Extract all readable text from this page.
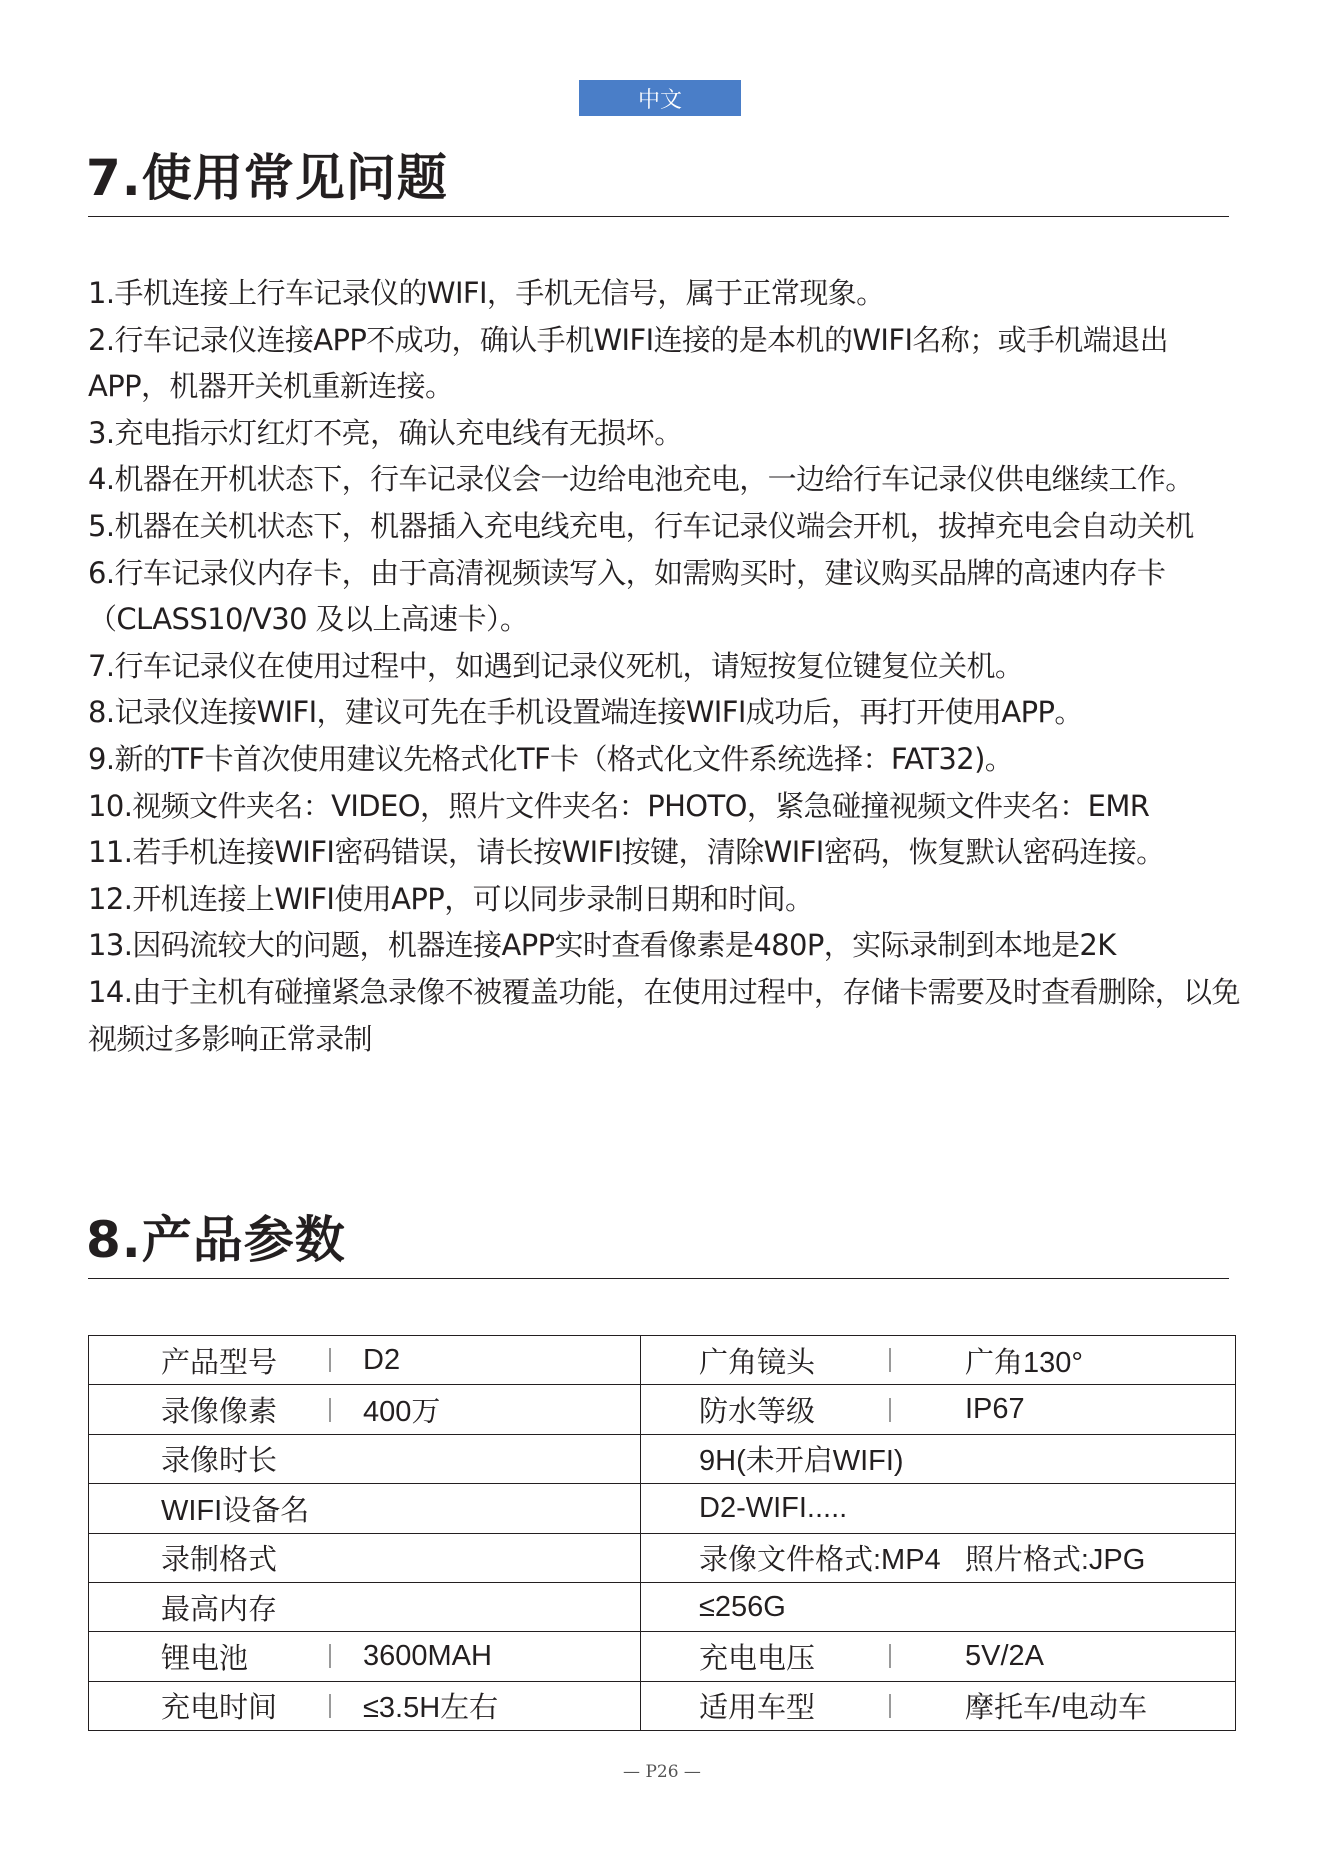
中文
7.使用常见问题
1.手机连接上行车记录仪的WIFI，手机无信号，属于正常现象。
2.行车记录仪连接APP不成功，确认手机WIFI连接的是本机的WIFI名称；或手机端退出APP，机器开关机重新连接。
3.充电指示灯红灯不亮，确认充电线有无损坏。
4.机器在开机状态下，行车记录仪会一边给电池充电，一边给行车记录仪供电继续工作。
5.机器在关机状态下，机器插入充电线充电，行车记录仪端会开机，拔掉充电会自动关机
6.行车记录仪内存卡，由于高清视频读写入，如需购买时，建议购买品牌的高速内存卡（CLASS10/V30 及以上高速卡）。
7.行车记录仪在使用过程中，如遇到记录仪死机，请短按复位键复位关机。
8.记录仪连接WIFI，建议可先在手机设置端连接WIFI成功后，再打开使用APP。
9.新的TF卡首次使用建议先格式化TF卡（格式化文件系统选择：FAT32)。
10.视频文件夹名：VIDEO，照片文件夹名：PHOTO，紧急碰撞视频文件夹名：EMR
11.若手机连接WIFI密码错误，请长按WIFI按键，清除WIFI密码，恢复默认密码连接。
12.开机连接上WIFI使用APP，可以同步录制日期和时间。
13.因码流较大的问题，机器连接APP实时查看像素是480P，实际录制到本地是2K
14.由于主机有碰撞紧急录像不被覆盖功能，在使用过程中，存储卡需要及时查看删除，以免视频过多影响正常录制
8.产品参数
产品型号 D2	广角镜头 广角130°

录像像素 400万	防水等级 IP67

录像时长	9H(未开启WIFI)

WIFI设备名	D2-WIFI.....

录制格式	录像文件格式:MP4   照片格式:JPG

最高内存	≤256G

锂电池 3600MAH	充电电压 5V/2A

充电时间 ≤3.5H左右	适用车型 摩托车/电动车
— P26 —
